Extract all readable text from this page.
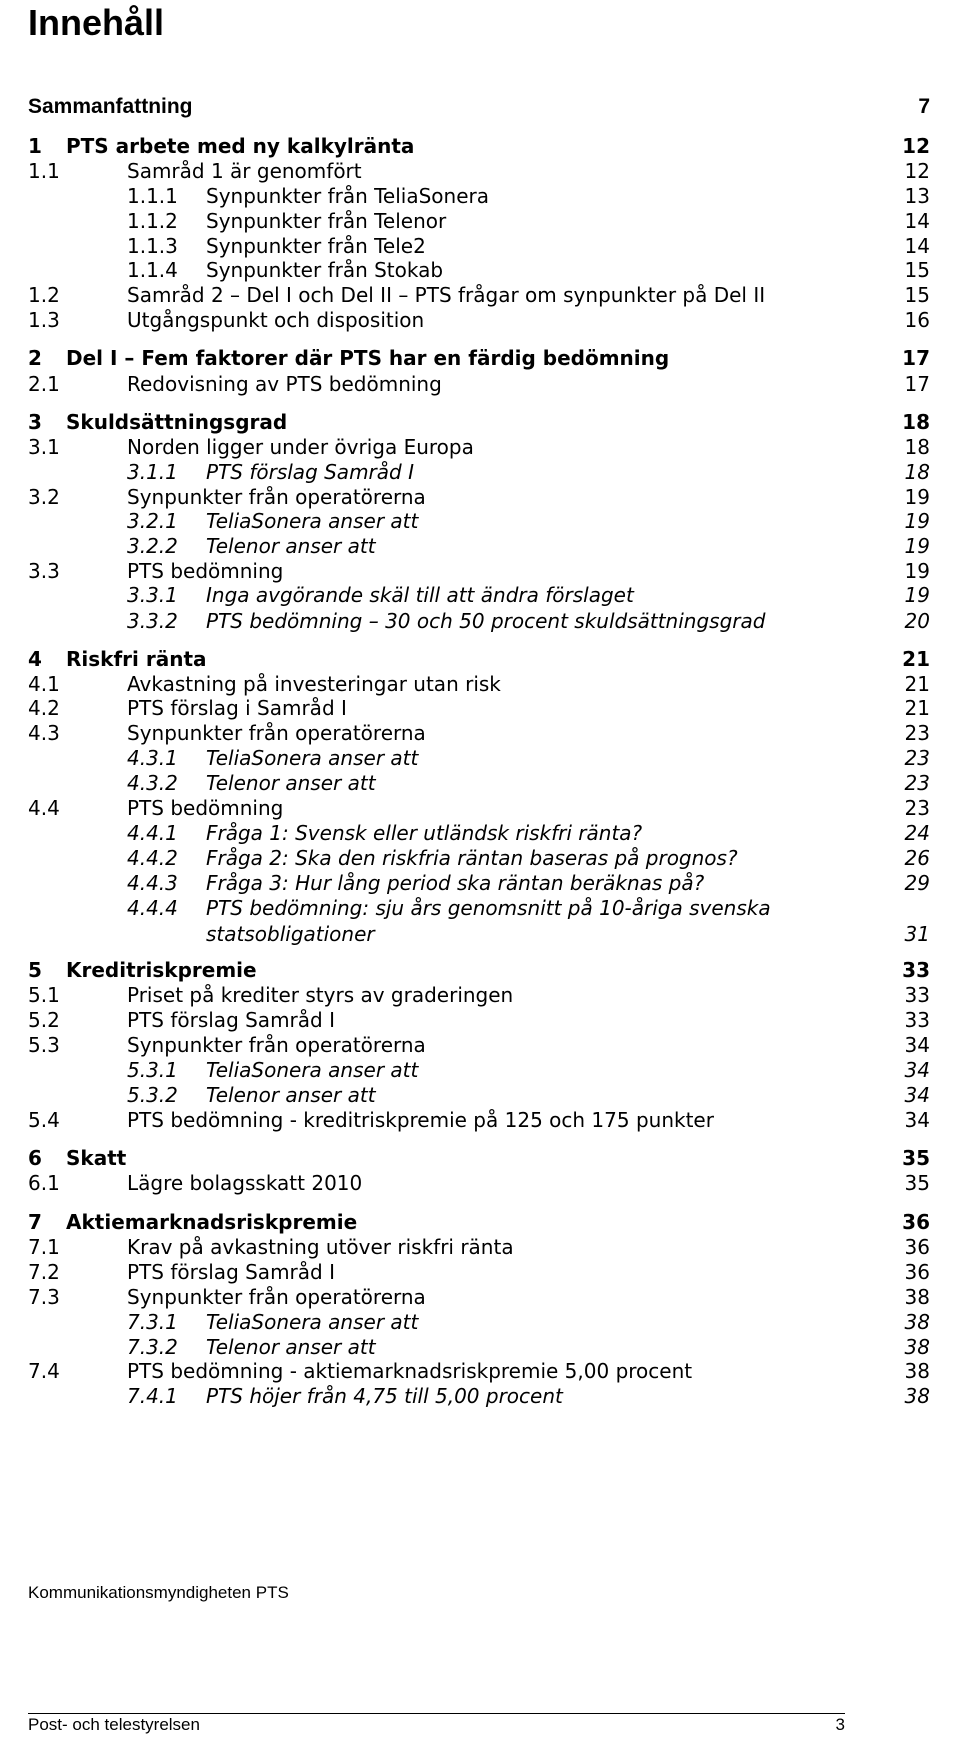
Innehåll
Sammanfattning	7
1 PTS arbete med ny kalkylränta	12
1.1	Samråd 1 är genomfört	12
1.1.1 Synpunkter från TeliaSonera	13
1.1.2 Synpunkter från Telenor	14
1.1.3 Synpunkter från Tele2	14
1.1.4 Synpunkter från Stokab	15
1.2	Samråd 2 – Del I och Del II – PTS frågar om synpunkter på Del II	15
1.3	Utgångspunkt och disposition	16
2 Del I – Fem faktorer där PTS har en färdig bedömning	17
2.1	Redovisning av PTS bedömning	17
3 Skuldsättningsgrad	18
3.1	Norden ligger under övriga Europa	18
3.1.1 PTS förslag Samråd I	18
3.2	Synpunkter från operatörerna	19
3.2.1 TeliaSonera anser att	19
3.2.2 Telenor anser att	19
3.3	PTS bedömning	19
3.3.1 Inga avgörande skäl till att ändra förslaget	19
3.3.2 PTS bedömning – 30 och 50 procent skuldsättningsgrad	20
4 Riskfri ränta	21
4.1	Avkastning på investeringar utan risk	21
4.2	PTS förslag i Samråd I	21
4.3	Synpunkter från operatörerna	23
4.3.1 TeliaSonera anser att	23
4.3.2 Telenor anser att	23
4.4	PTS bedömning	23
4.4.1 Fråga 1: Svensk eller utländsk riskfri ränta?	24
4.4.2 Fråga 2: Ska den riskfria räntan baseras på prognos?	26
4.4.3 Fråga 3: Hur lång period ska räntan beräknas på?	29
4.4.4 PTS bedömning: sju års genomsnitt på 10-åriga svenska statsobligationer	31
5 Kreditriskpremie	33
5.1	Priset på krediter styrs av graderingen	33
5.2	PTS förslag Samråd I	33
5.3	Synpunkter från operatörerna	34
5.3.1 TeliaSonera anser att	34
5.3.2 Telenor anser att	34
5.4	PTS bedömning - kreditriskpremie på 125 och 175 punkter	34
6 Skatt	35
6.1	Lägre bolagsskatt 2010	35
7 Aktiemarknadsriskpremie	36
7.1	Krav på avkastning utöver riskfri ränta	36
7.2	PTS förslag Samråd I	36
7.3	Synpunkter från operatörerna	38
7.3.1 TeliaSonera anser att	38
7.3.2 Telenor anser att	38
7.4	PTS bedömning - aktiemarknadsriskpremie 5,00 procent	38
7.4.1 PTS höjer från 4,75 till 5,00 procent	38
Kommunikationsmyndigheten PTS
Post- och telestyrelsen	3
